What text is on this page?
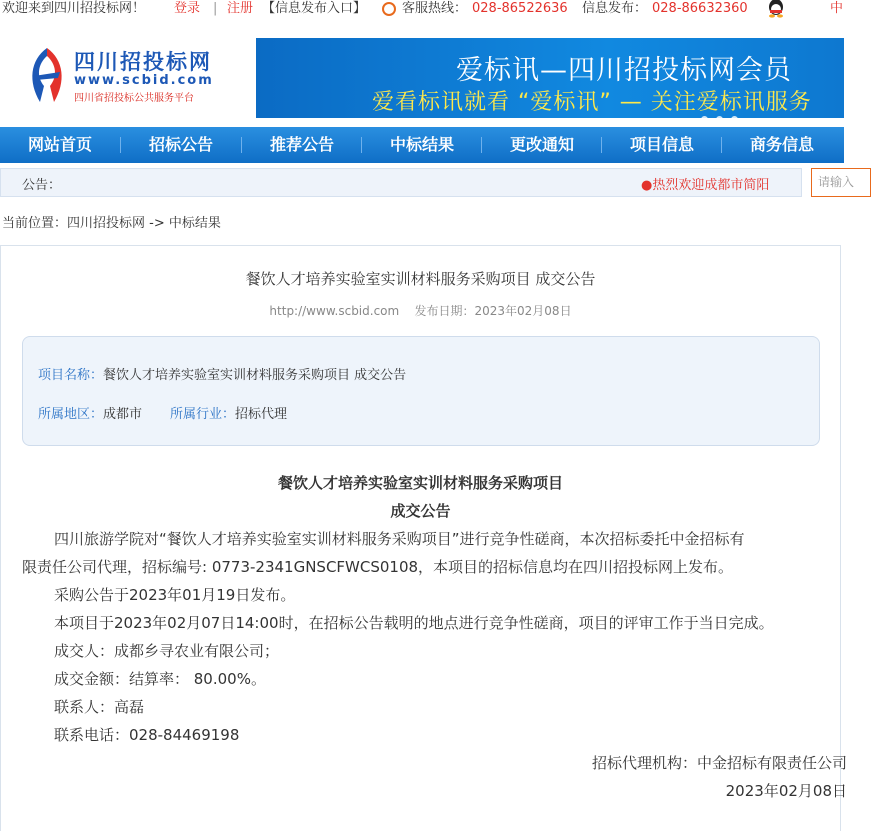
欢迎来到四川招投标网！ 登录 | 注册 【信息发布入口】	客服热线： 028-86522636 信息发布： 028-86632360	中
四川招投标网
www.scbid.com
四川省招投标公共服务平台
爱标讯—四川招投标网会员
爱看标讯就看 “爱标讯” — 关注爱标讯服务
网站首页	招标公告	推荐公告	中标结果	更改通知	项目信息	商务信息
公告：	●热烈欢迎成都市简阳	请输入
当前位置：四川招投标网 -> 中标结果
餐饮人才培养实验室实训材料服务采购项目 成交公告
http://www.scbid.com 发布日期：2023年02月08日
项目名称：餐饮人才培养实验室实训材料服务采购项目 成交公告
所属地区：成都市 所属行业：招标代理
餐饮人才培养实验室实训材料服务采购项目
成交公告
四川旅游学院对“餐饮人才培养实验室实训材料服务采购项目”进行竞争性磋商，本次招标委托中金招标有
限责任公司代理，招标编号: 0773-2341GNSCFWCS0108，本项目的招标信息均在四川招投标网上发布。
采购公告于2023年01月19日发布。
本项目于2023年02月07日14:00时，在招标公告载明的地点进行竞争性磋商，项目的评审工作于当日完成。
成交人：成都乡寻农业有限公司；
成交金额：结算率： 80.00%。
联系人：高磊
联系电话：028-84469198
招标代理机构：中金招标有限责任公司
2023年02月08日
